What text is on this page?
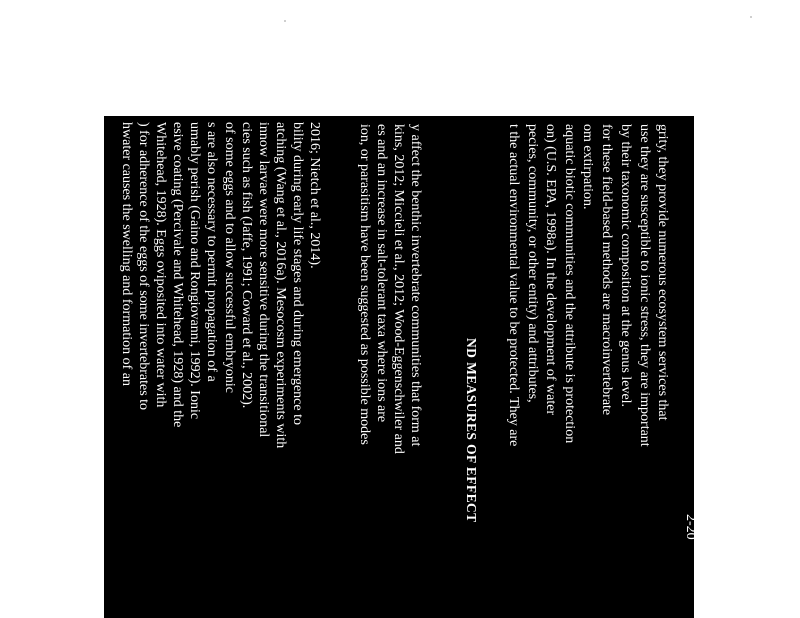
hwater causes the swelling and formation of an ) for adherence of the eggs of some invertebrates to Whitehead, 1928). Eggs oviposited into water with esive coating (Percivale and Whitehead, 1928) and the umably perish (Gaino and Rongiovanni, 1992). Ionic s are also necessary to permit propagation of a of some eggs and to allow successful embryonic cies such as fish (Jaffe, 1991; Coward et al., 2002). innow larvae were more sensitive during the transitional atching (Wang et al., 2016a). Mesocosm experiments with bility during early life stages and during emergence to 2016; Nietch et al., 2014).	ion, or parasitism have been suggested as possible modes es and an increase in salt-tolerant taxa where ions are kins, 2012; Miccieli et al., 2012; Wood-Eggenschwiler and y affect the benthic invertebrate communities that form at	ND MEASURES OF EFFECT t the actual environmental value to be protected. They are pecies, community, or other entity) and attributes, on) (U.S. EPA, 1998a). In the development of water aquatic biotic communities and the attribute is protection om extirpation. for these field-based methods are macroinvertebrate by their taxonomic composition at the genus level. use they are susceptible to ionic stress, they are important grity, they provide numerous ecosystem services that
2-20
